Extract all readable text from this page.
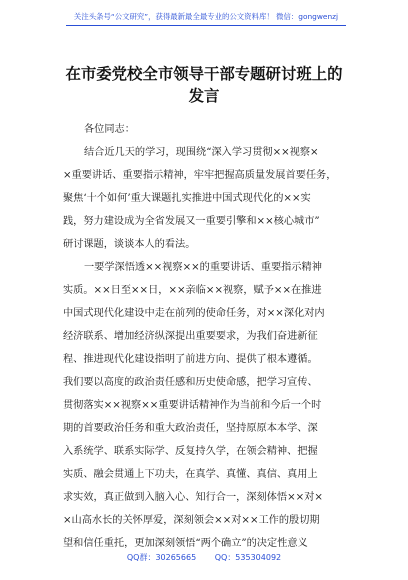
关注头条号“公文研究”，获得最新最全最专业的公文资料库！ 微信：gongwenzj
在市委党校全市领导干部专题研讨班上的
发言
各位同志：
结合近几天的学习，现围绕“深入学习贯彻××视察×
×重要讲话、重要指示精神，牢牢把握高质量发展首要任务，
聚焦‘十个如何’重大课题扎实推进中国式现代化的××实
践，努力建设成为全省发展又一重要引擎和××核心城市”
研讨课题，谈谈本人的看法。
一要学深悟透××视察××的重要讲话、重要指示精神
实质。××日至××日，××亲临××视察，赋予××在推进
中国式现代化建设中走在前列的使命任务，对××深化对内
经济联系、增加经济纵深提出重要要求，为我们奋进新征
程、推进现代化建设指明了前进方向、提供了根本遵循。
我们要以高度的政治责任感和历史使命感，把学习宣传、
贯彻落实××视察××重要讲话精神作为当前和今后一个时
期的首要政治任务和重大政治责任，坚持原原本本学、深
入系统学、联系实际学、反复持久学，在领会精神、把握
实质、融会贯通上下功夫，在真学、真懂、真信、真用上
求实效，真正做到入脑入心、知行合一，深刻体悟××对×
×山高水长的关怀厚爱，深刻领会××对××工作的殷切期
望和信任重托，更加深刻领悟“两个确立”的决定性意义
QQ群：30265665 QQ：535304092
